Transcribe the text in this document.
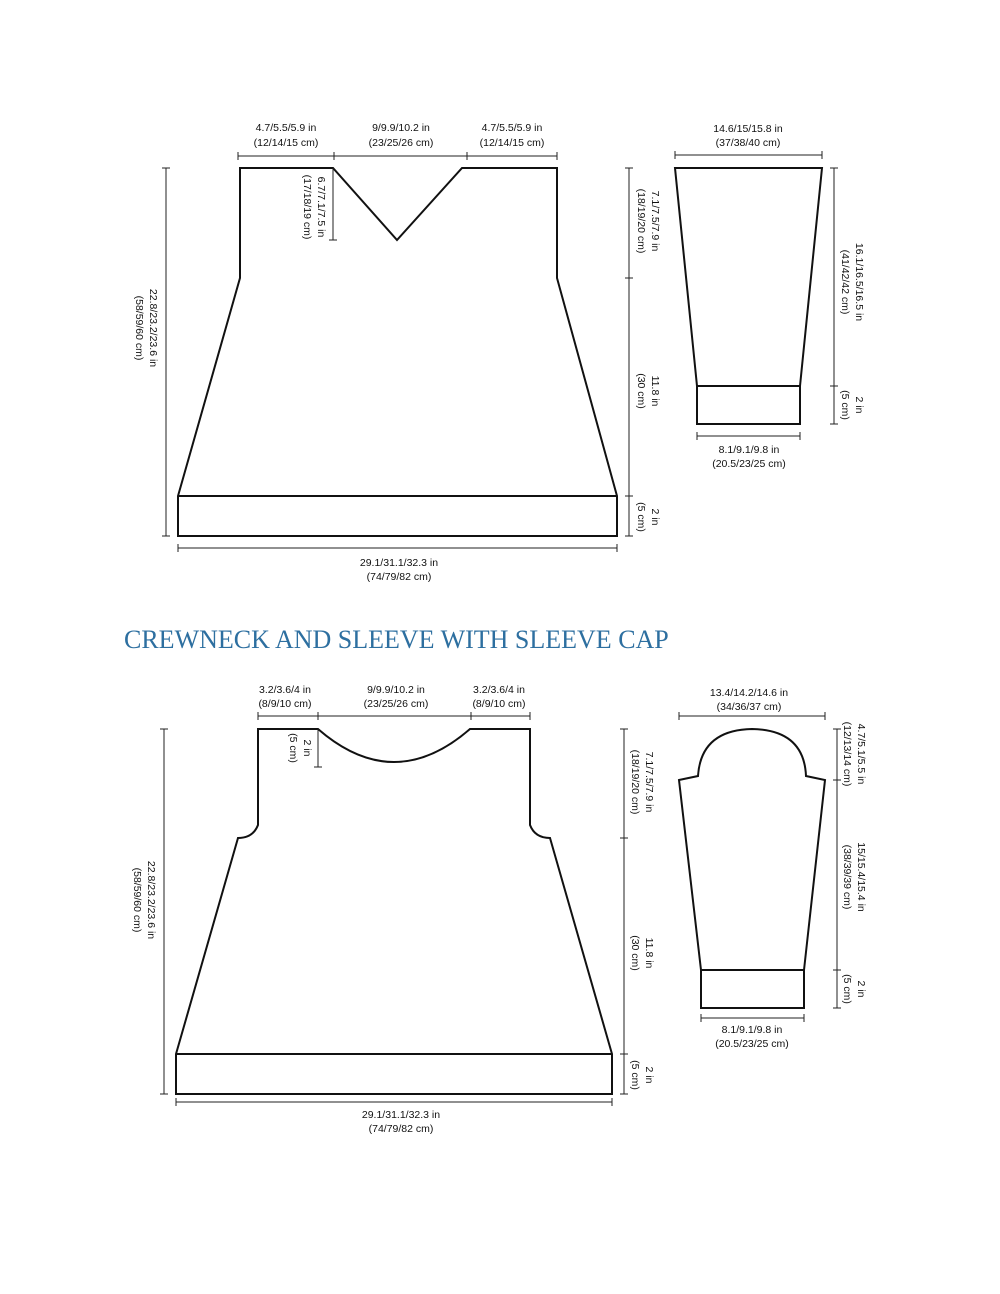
4.7/5.5/5.9 in
(12/14/15 cm)
9/9.9/10.2 in
(23/25/26 cm)
4.7/5.5/5.9 in
(12/14/15 cm)
6.7/7.1/7.5 in
(17/18/19 cm)
22.8/23.2/23.6 in
(58/59/60 cm)
7.1/7.5/7.9 in
(18/19/20 cm)
11.8 in
(30 cm)
2 in
(5 cm)
29.1/31.1/32.3 in
(74/79/82 cm)
14.6/15/15.8 in
(37/38/40 cm)
16.1/16.5/16.5 in
(41/42/42 cm)
2 in
(5 cm)
8.1/9.1/9.8 in
(20.5/23/25 cm)
CREWNECK AND SLEEVE WITH SLEEVE CAP
3.2/3.6/4 in
(8/9/10 cm)
9/9.9/10.2 in
(23/25/26 cm)
3.2/3.6/4 in
(8/9/10 cm)
2 in
(5 cm)
22.8/23.2/23.6 in
(58/59/60 cm)
7.1/7.5/7.9 in
(18/19/20 cm)
11.8 in
(30 cm)
2 in
(5 cm)
29.1/31.1/32.3 in
(74/79/82 cm)
13.4/14.2/14.6 in
(34/36/37 cm)
4.7/5.1/5.5 in
(12/13/14 cm)
15/15.4/15.4 in
(38/39/39 cm)
2 in
(5 cm)
8.1/9.1/9.8 in
(20.5/23/25 cm)
